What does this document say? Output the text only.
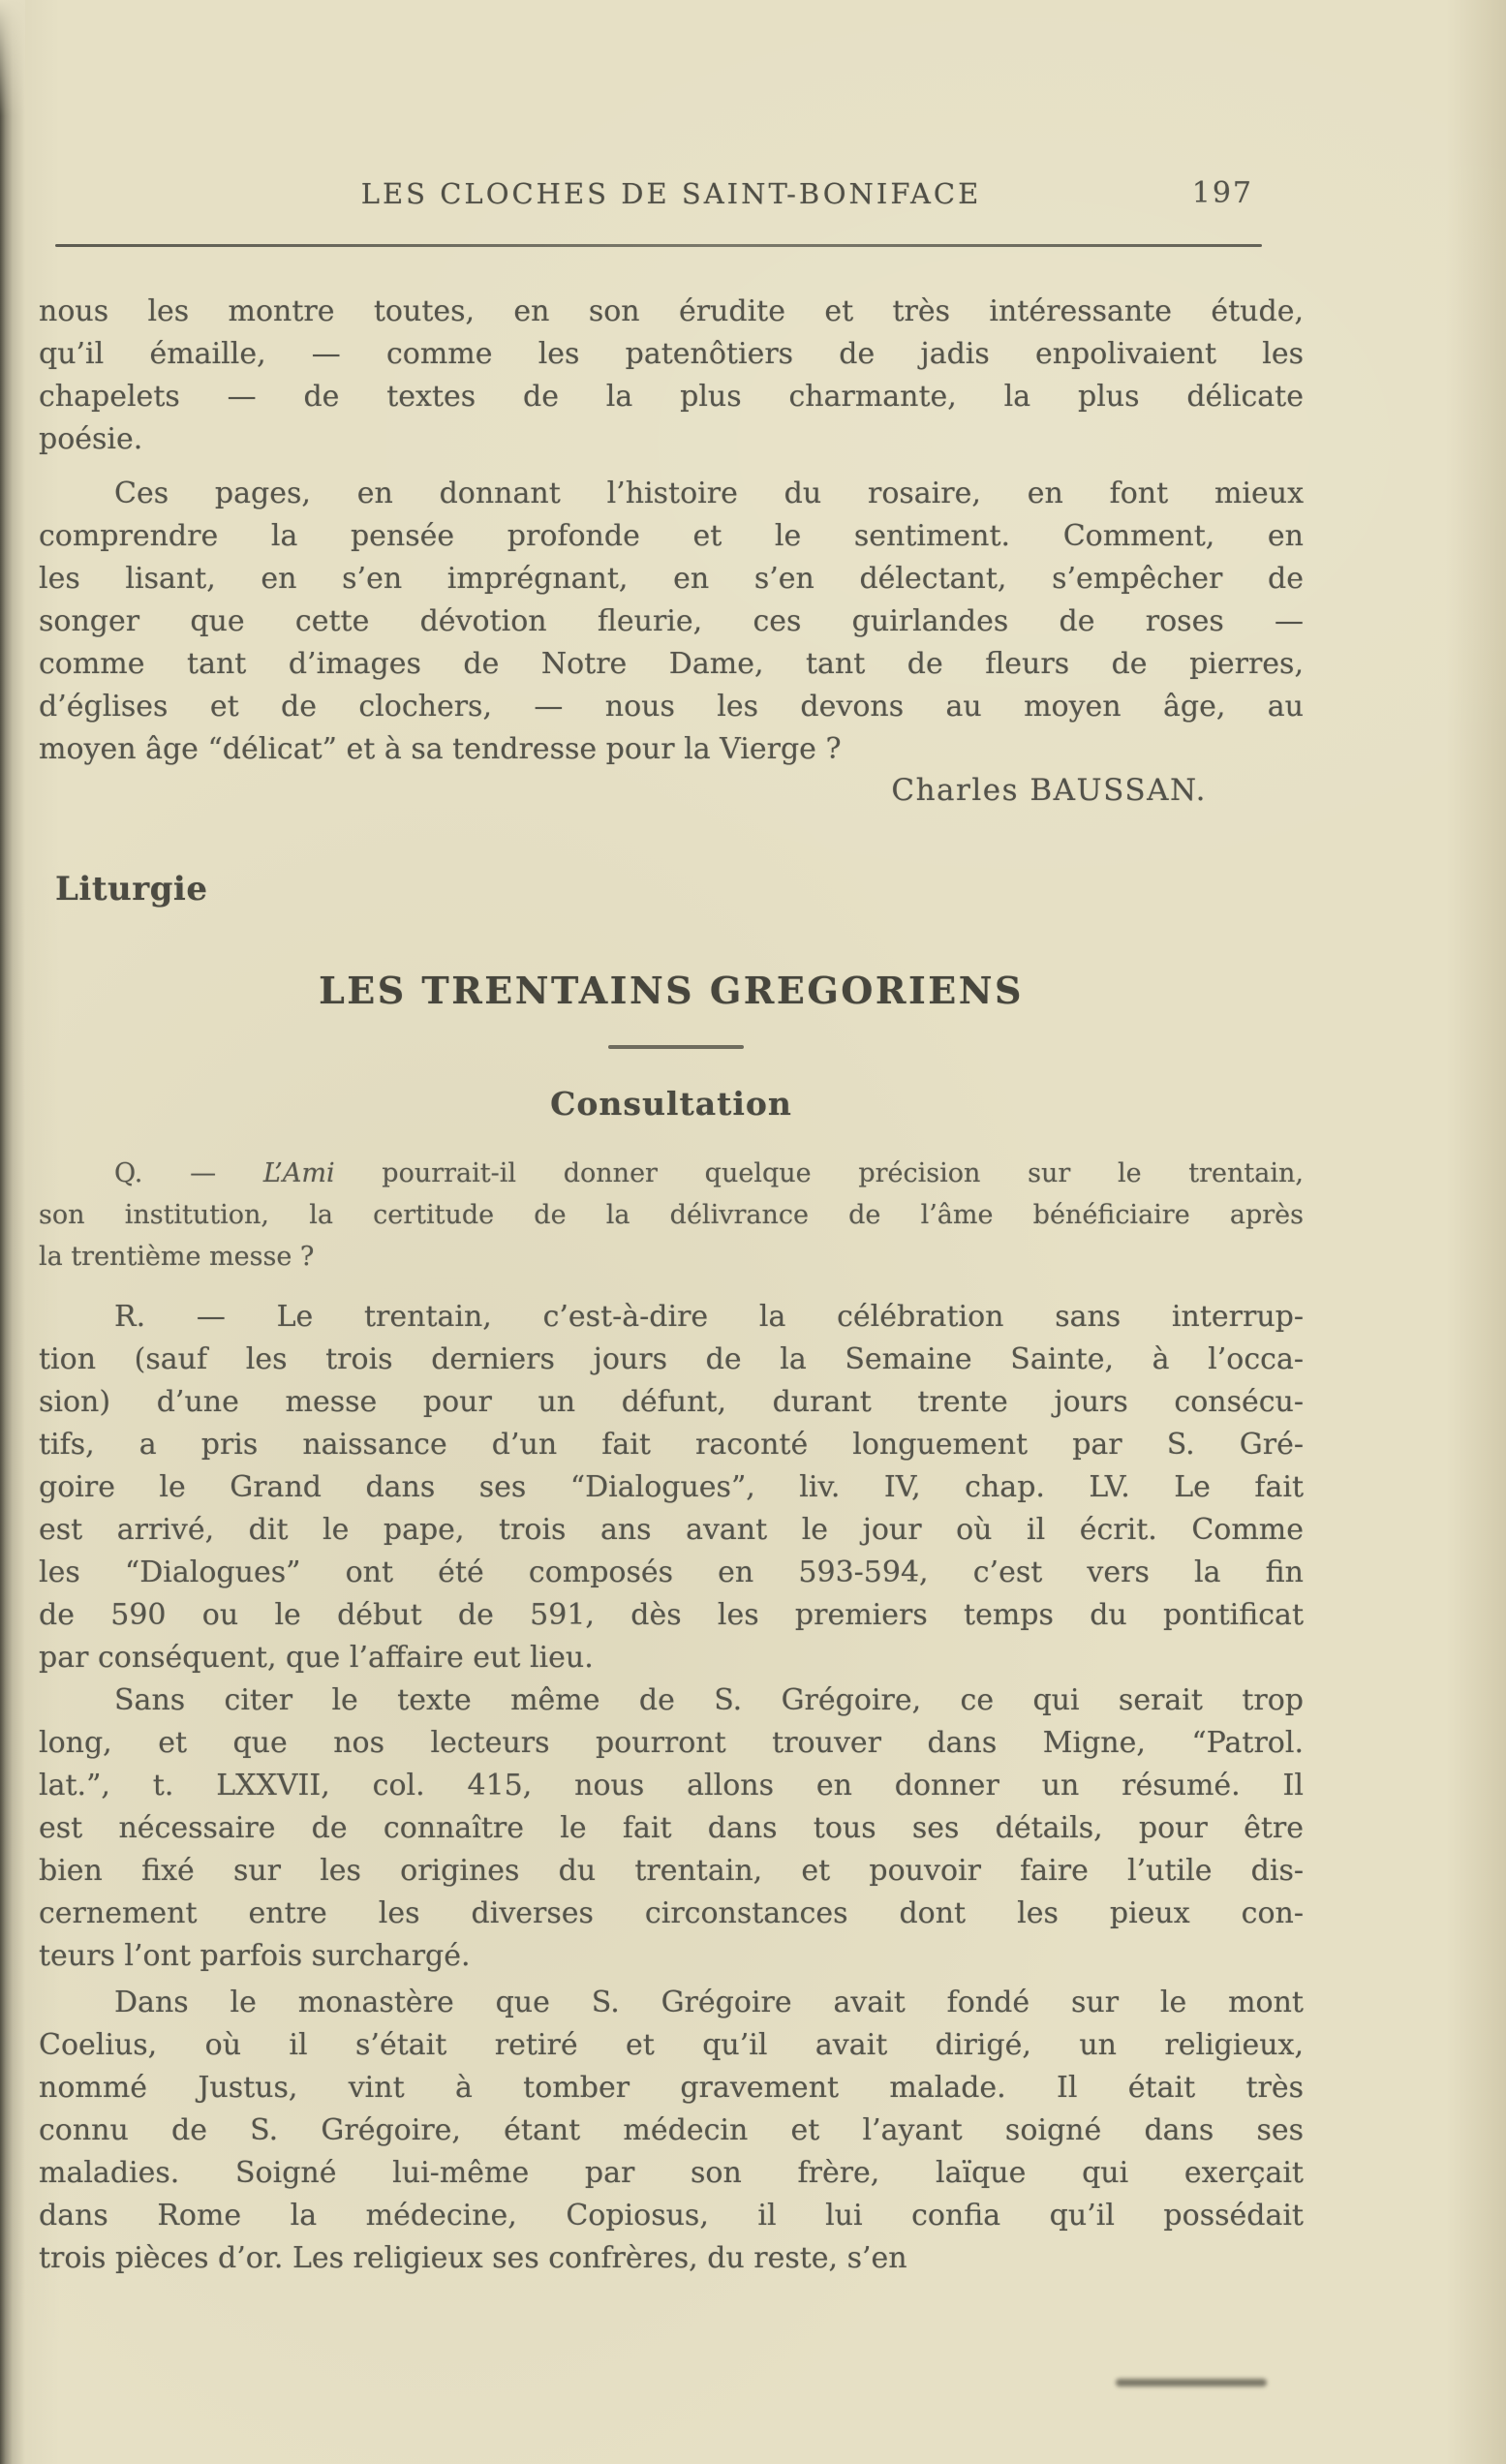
LES CLOCHES DE SAINT-BONIFACE	197
nous les montre toutes, en son érudite et très intéressante étude,
qu’il émaille, — comme les patenôtiers de jadis enpolivaient les
chapelets — de textes de la plus charmante, la plus délicate
poésie.
Ces pages, en donnant l’histoire du rosaire, en font mieux
comprendre la pensée profonde et le sentiment. Comment, en
les lisant, en s’en imprégnant, en s’en délectant, s’empêcher de
songer que cette dévotion fleurie, ces guirlandes de roses —
comme tant d’images de Notre Dame, tant de fleurs de pierres,
d’églises et de clochers, — nous les devons au moyen âge, au
moyen âge “délicat” et à sa tendresse pour la Vierge ?
Charles BAUSSAN.
Liturgie
LES TRENTAINS GREGORIENS
Consultation
Q. — L’Ami pourrait-il donner quelque précision sur le trentain,
son institution, la certitude de la délivrance de l’âme bénéficiaire après
la trentième messe ?
R. — Le trentain, c’est-à-dire la célébration sans interrup-
tion (sauf les trois derniers jours de la Semaine Sainte, à l’occa-
sion) d’une messe pour un défunt, durant trente jours consécu-
tifs, a pris naissance d’un fait raconté longuement par S. Gré-
goire le Grand dans ses “Dialogues”, liv. IV, chap. LV. Le fait
est arrivé, dit le pape, trois ans avant le jour où il écrit. Comme
les “Dialogues” ont été composés en 593-594, c’est vers la fin
de 590 ou le début de 591, dès les premiers temps du pontificat
par conséquent, que l’affaire eut lieu.
Sans citer le texte même de S. Grégoire, ce qui serait trop
long, et que nos lecteurs pourront trouver dans Migne, “Patrol.
lat.”, t. LXXVII, col. 415, nous allons en donner un résumé. Il
est nécessaire de connaître le fait dans tous ses détails, pour être
bien fixé sur les origines du trentain, et pouvoir faire l’utile dis-
cernement entre les diverses circonstances dont les pieux con-
teurs l’ont parfois surchargé.
Dans le monastère que S. Grégoire avait fondé sur le mont
Coelius, où il s’était retiré et qu’il avait dirigé, un religieux,
nommé Justus, vint à tomber gravement malade. Il était très
connu de S. Grégoire, étant médecin et l’ayant soigné dans ses
maladies. Soigné lui-même par son frère, laïque qui exerçait
dans Rome la médecine, Copiosus, il lui confia qu’il possédait
trois pièces d’or. Les religieux ses confrères, du reste, s’en
